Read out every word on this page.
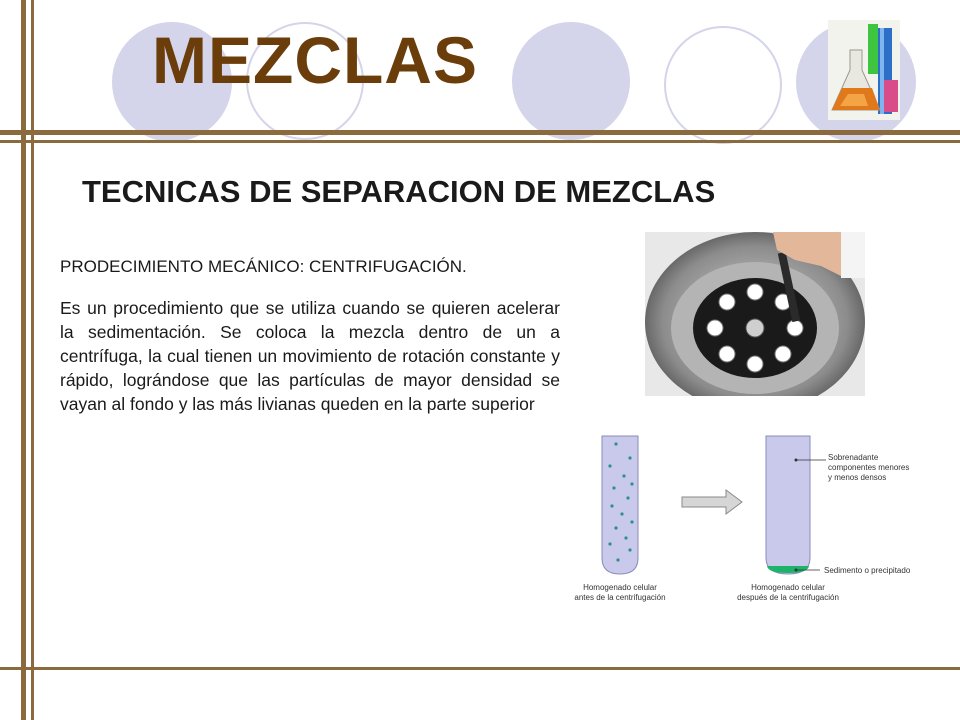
MEZCLAS
TECNICAS DE SEPARACION DE MEZCLAS
PRODECIMIENTO MECÁNICO: CENTRIFUGACIÓN.

Es un procedimiento que se utiliza cuando se quieren acelerar la sedimentación. Se coloca la mezcla dentro de un a centrífuga, la cual tienen un movimiento de rotación constante y rápido, lográndose que las partículas de mayor densidad se vayan al fondo y las más livianas queden en la parte superior

Sobrenadante
componentes menores
y menos densos
Sedimento o precipitado
Homogenado celular
antes de la centrifugación
Homogenado celular
después de la centrifugación
